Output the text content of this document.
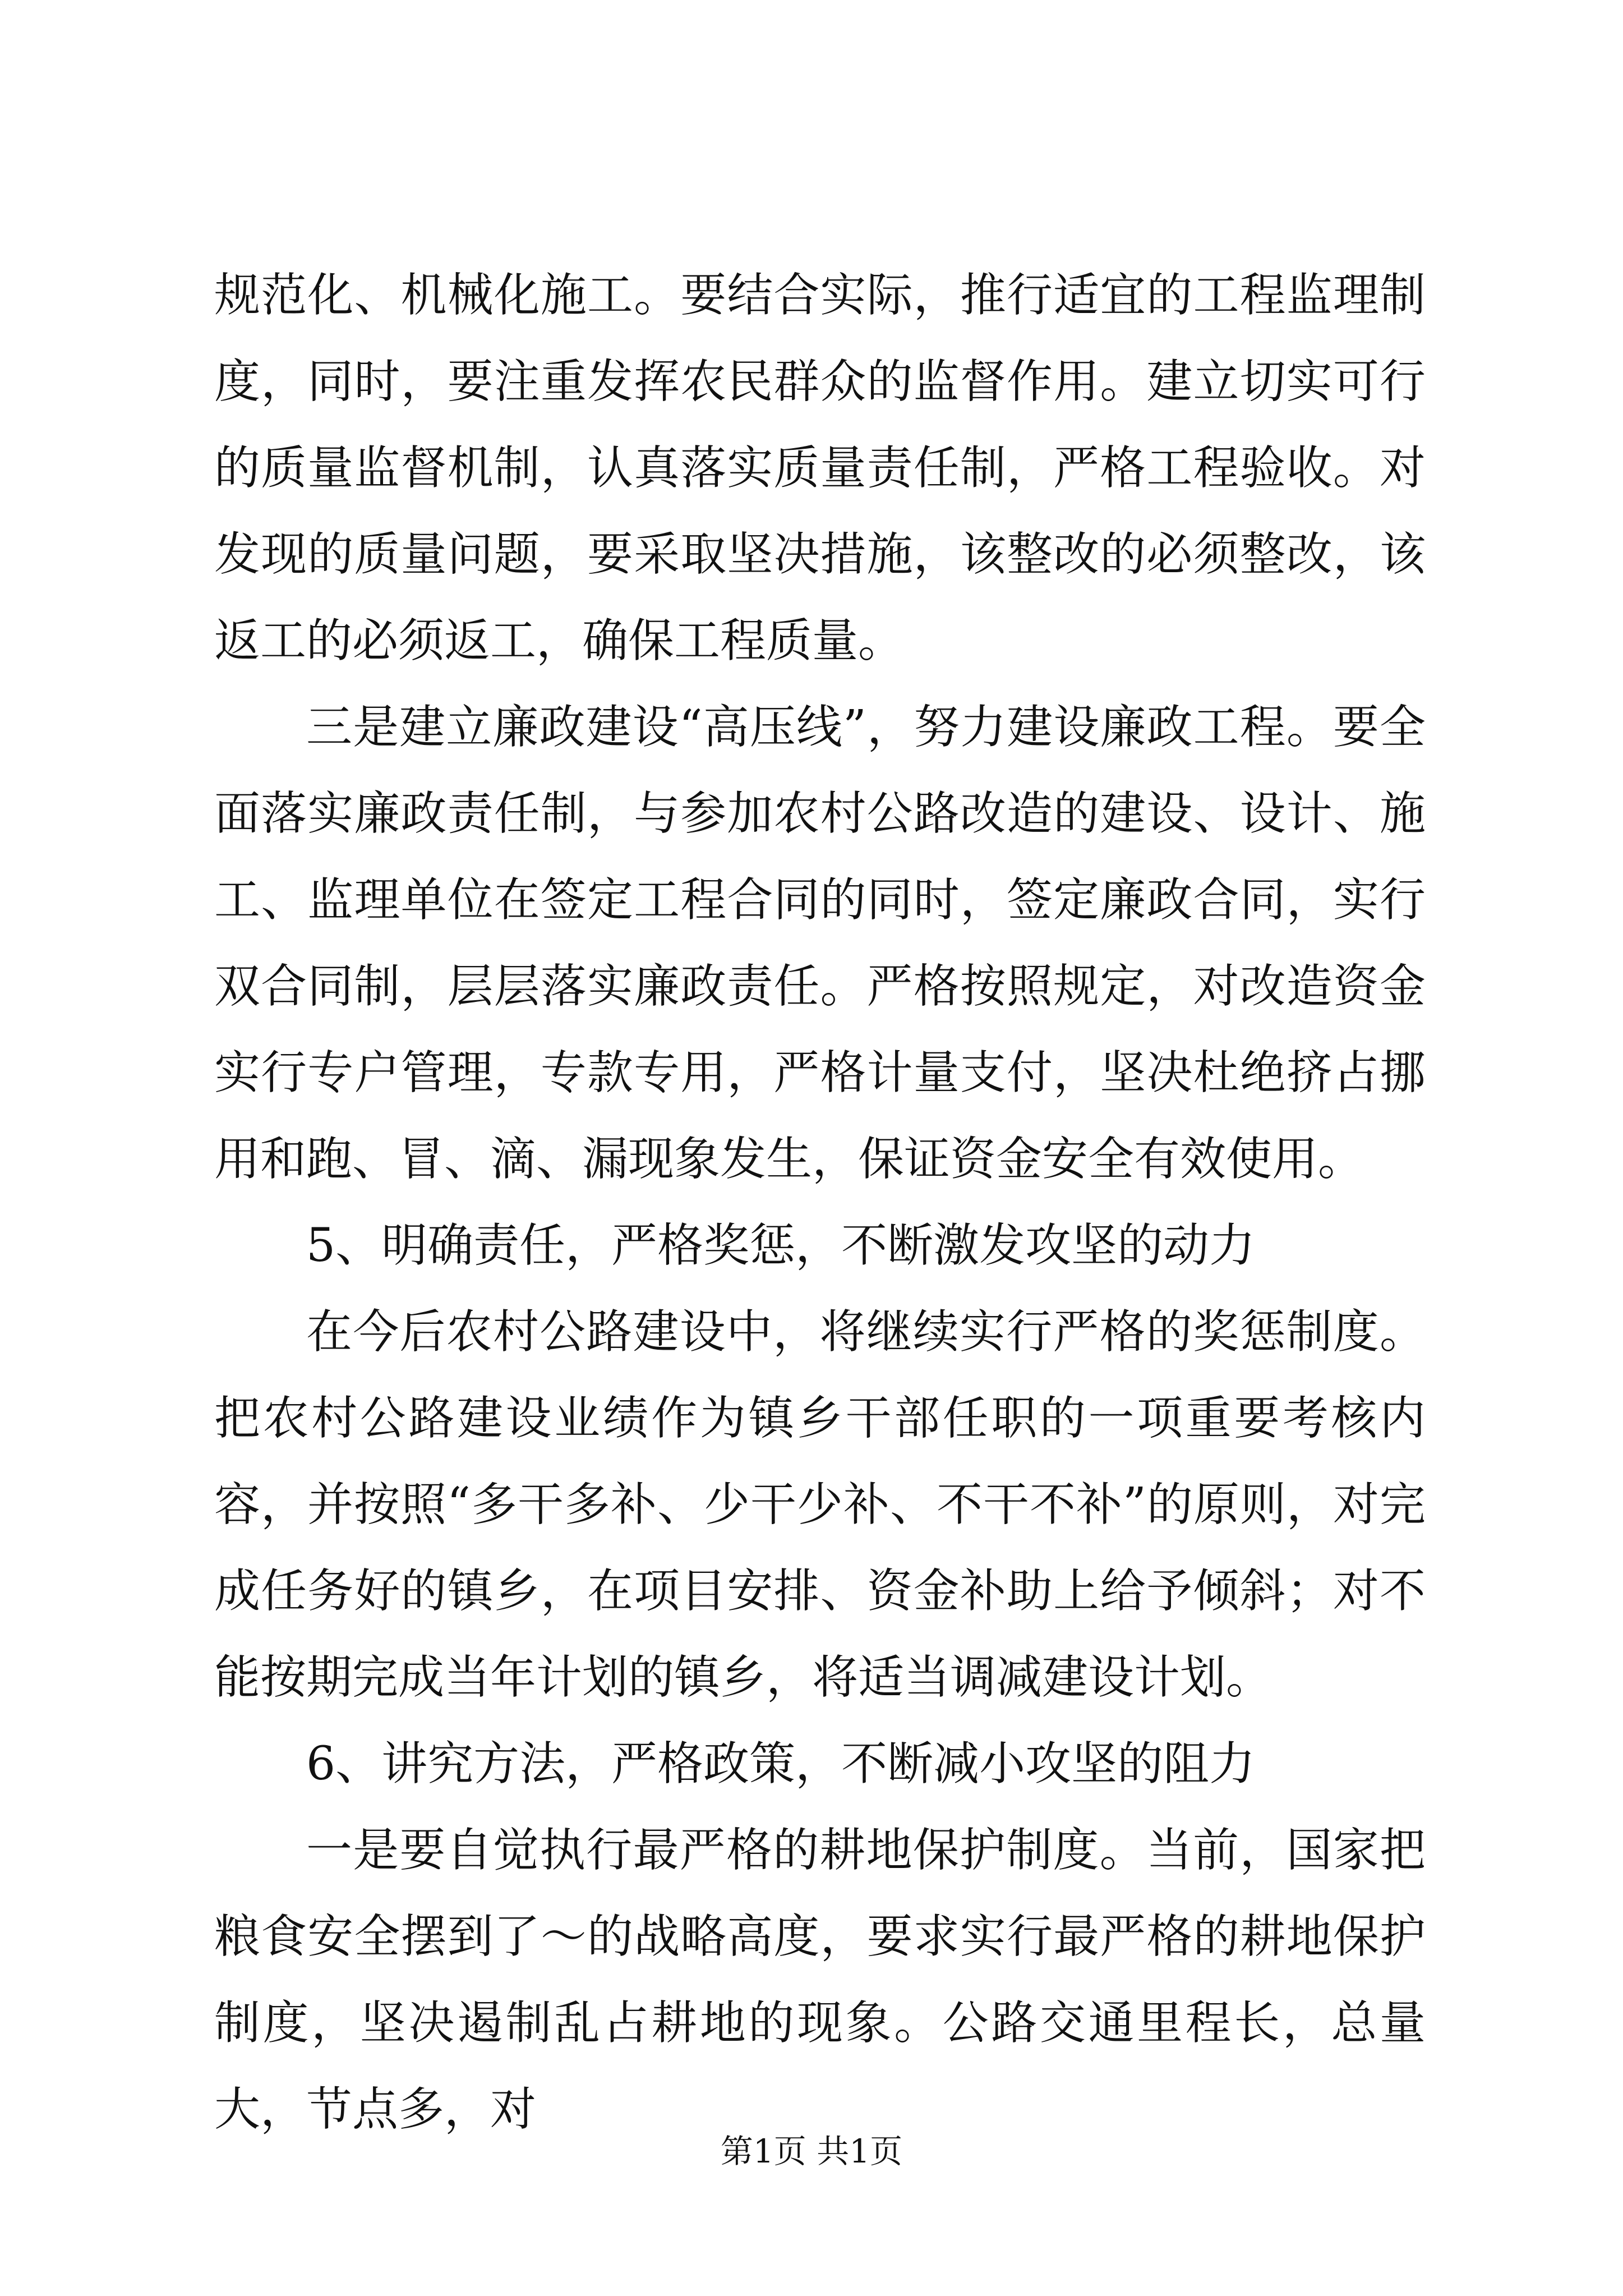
规范化、机械化施工。要结合实际，推行适宜的工程监理制度，同时，要注重发挥农民群众的监督作用。建立切实可行的质量监督机制，认真落实质量责任制，严格工程验收。对发现的质量问题，要采取坚决措施，该整改的必须整改，该返工的必须返工，确保工程质量。

三是建立廉政建设“高压线”，努力建设廉政工程。要全面落实廉政责任制，与参加农村公路改造的建设、设计、施工、监理单位在签定工程合同的同时，签定廉政合同，实行双合同制，层层落实廉政责任。严格按照规定，对改造资金实行专户管理，专款专用，严格计量支付，坚决杜绝挤占挪用和跑、冒、滴、漏现象发生，保证资金安全有效使用。

5、明确责任，严格奖惩，不断激发攻坚的动力

在今后农村公路建设中，将继续实行严格的奖惩制度。把农村公路建设业绩作为镇乡干部任职的一项重要考核内容，并按照“多干多补、少干少补、不干不补”的原则，对完成任务好的镇乡，在项目安排、资金补助上给予倾斜；对不能按期完成当年计划的镇乡，将适当调减建设计划。

6、讲究方法，严格政策，不断减小攻坚的阻力

一是要自觉执行最严格的耕地保护制度。当前，国家把粮食安全摆到了～的战略高度，要求实行最严格的耕地保护制度，坚决遏制乱占耕地的现象。公路交通里程长，总量大，节点多，对

第1页 共1页
